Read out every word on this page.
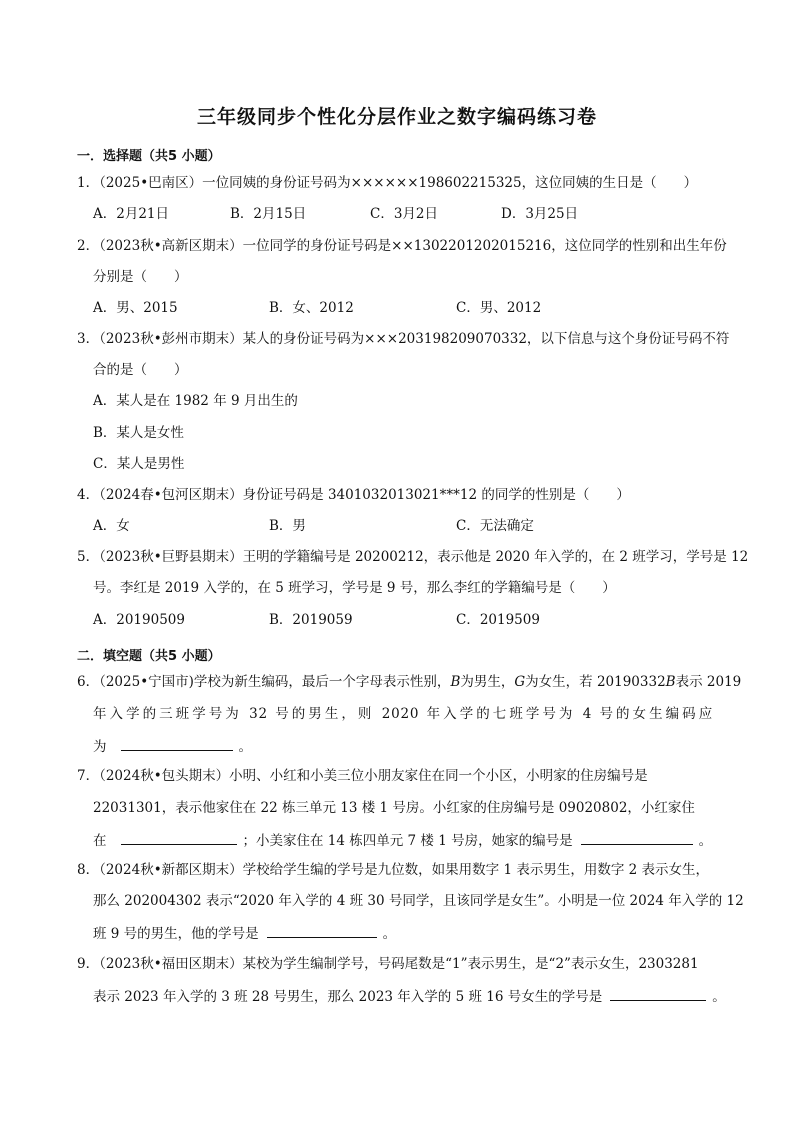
三年级同步个性化分层作业之数字编码练习卷
一．选择题（共5 小题）
1．（2025•巴南区）一位同姨的身份证号码为××××××198602215325，这位同姨的生日是（　　）
A．2月21日	B．2月15日	C．3月2日	D．3月25日
2．（2023秋•高新区期末）一位同学的身份证号码是××1302201202015216，这位同学的性别和出生年份
分别是（　　）
A．男、2015	B．女、2012	C．男、2012
3．（2023秋•彭州市期末）某人的身份证号码为×××203198209070332，以下信息与这个身份证号码不符
合的是（　　）
A．某人是在 1982 年 9 月出生的
B．某人是女性
C．某人是男性
4．（2024春•包河区期末）身份证号码是 3401032013021***12 的同学的性别是（　　）
A．女	B．男	C．无法确定
5．（2023秋•巨野县期末）王明的学籍编号是 20200212，表示他是 2020 年入学的，在 2 班学习，学号是 12
号。李红是 2019 入学的，在 5 班学习，学号是 9 号，那么李红的学籍编号是（　　）
A．20190509	B．2019059	C．2019509
二．填空题（共5 小题）
6．（2025•宁国市)学校为新生编码，最后一个字母表示性别，B为男生，G为女生，若 20190332B表示 2019
年入学的三班学号为 32 号的男生，则 2020 年入学的七班学号为 4 号的女生编码应
为	。
7．（2024秋•包头期末）小明、小红和小美三位小朋友家住在同一个小区，小明家的住房编号是
22031301，表示他家住在 22 栋三单元 13 楼 1 号房。小红家的住房编号是 09020802，小红家住
在	；小美家住在 14 栋四单元 7 楼 1 号房，她家的编号是	。
8．（2024秋•新都区期末）学校给学生编的学号是九位数，如果用数字 1 表示男生，用数字 2 表示女生，
那么 202004302 表示“2020 年入学的 4 班 30 号同学，且该同学是女生”。小明是一位 2024 年入学的 12
班 9 号的男生，他的学号是	。
9．（2023秋•福田区期末）某校为学生编制学号，号码尾数是“1”表示男生，是“2”表示女生，2303281
表示 2023 年入学的 3 班 28 号男生，那么 2023 年入学的 5 班 16 号女生的学号是	。
